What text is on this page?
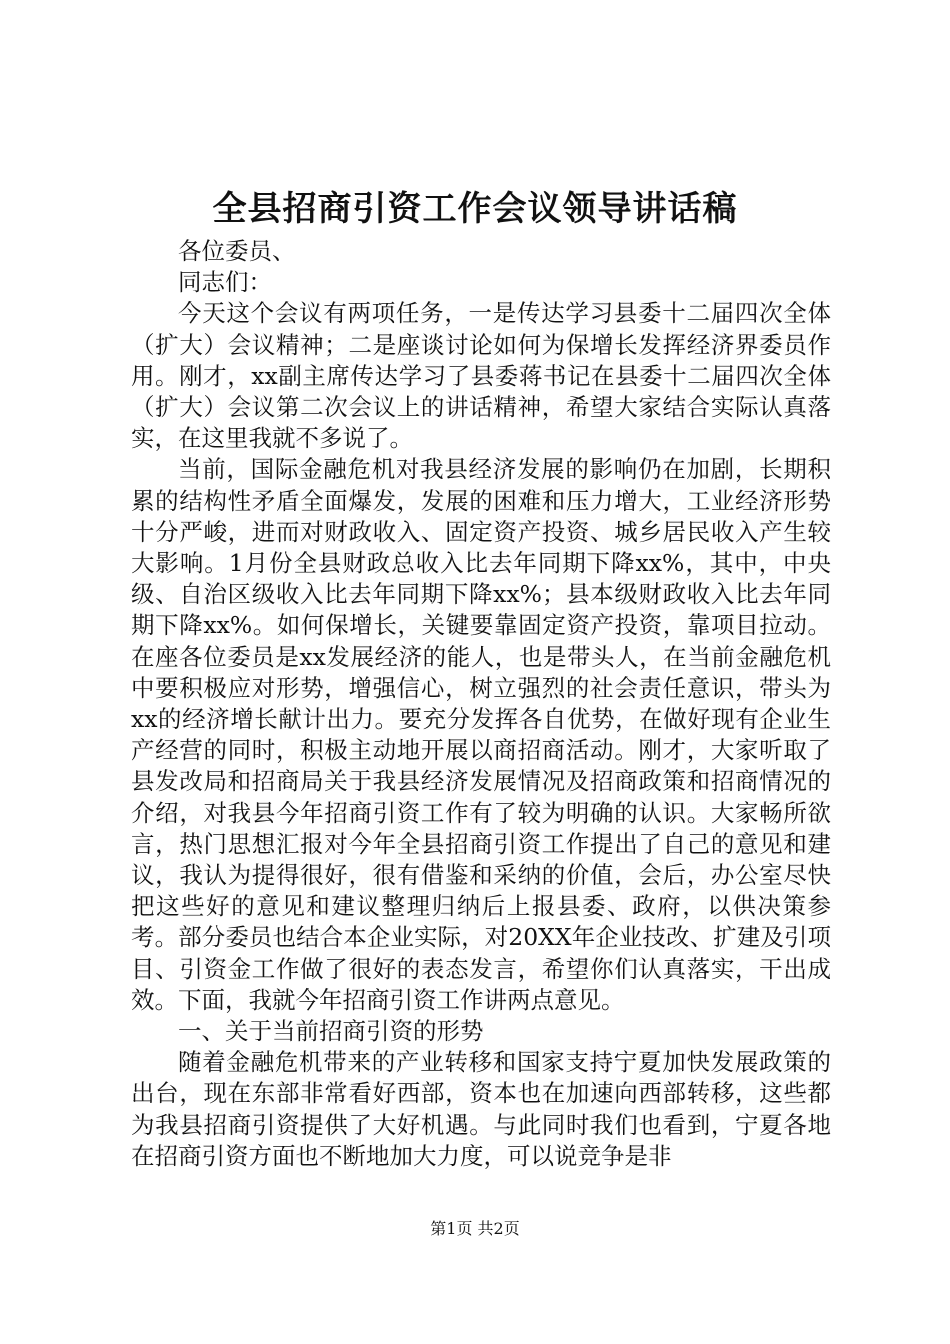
全县招商引资工作会议领导讲话稿

各位委员、

同志们：

今天这个会议有两项任务，一是传达学习县委十二届四次全体（扩大）会议精神；二是座谈讨论如何为保增长发挥经济界委员作用。刚才，xx副主席传达学习了县委蒋书记在县委十二届四次全体（扩大）会议第二次会议上的讲话精神，希望大家结合实际认真落实，在这里我就不多说了。

当前，国际金融危机对我县经济发展的影响仍在加剧，长期积累的结构性矛盾全面爆发，发展的困难和压力增大，工业经济形势十分严峻，进而对财政收入、固定资产投资、城乡居民收入产生较大影响。1月份全县财政总收入比去年同期下降xx%，其中，中央级、自治区级收入比去年同期下降xx%；县本级财政收入比去年同期下降xx%。如何保增长，关键要靠固定资产投资，靠项目拉动。在座各位委员是xx发展经济的能人，也是带头人，在当前金融危机中要积极应对形势，增强信心，树立强烈的社会责任意识，带头为xx的经济增长献计出力。要充分发挥各自优势，在做好现有企业生产经营的同时，积极主动地开展以商招商活动。刚才，大家听取了县发改局和招商局关于我县经济发展情况及招商政策和招商情况的介绍，对我县今年招商引资工作有了较为明确的认识。大家畅所欲言，热门思想汇报对今年全县招商引资工作提出了自己的意见和建议，我认为提得很好，很有借鉴和采纳的价值，会后，办公室尽快把这些好的意见和建议整理归纳后上报县委、政府，以供决策参考。部分委员也结合本企业实际，对20XX年企业技改、扩建及引项目、引资金工作做了很好的表态发言，希望你们认真落实，干出成效。下面，我就今年招商引资工作讲两点意见。

一、关于当前招商引资的形势

随着金融危机带来的产业转移和国家支持宁夏加快发展政策的出台，现在东部非常看好西部，资本也在加速向西部转移，这些都为我县招商引资提供了大好机遇。与此同时我们也看到，宁夏各地在招商引资方面也不断地加大力度，可以说竞争是非

第1页 共2页
